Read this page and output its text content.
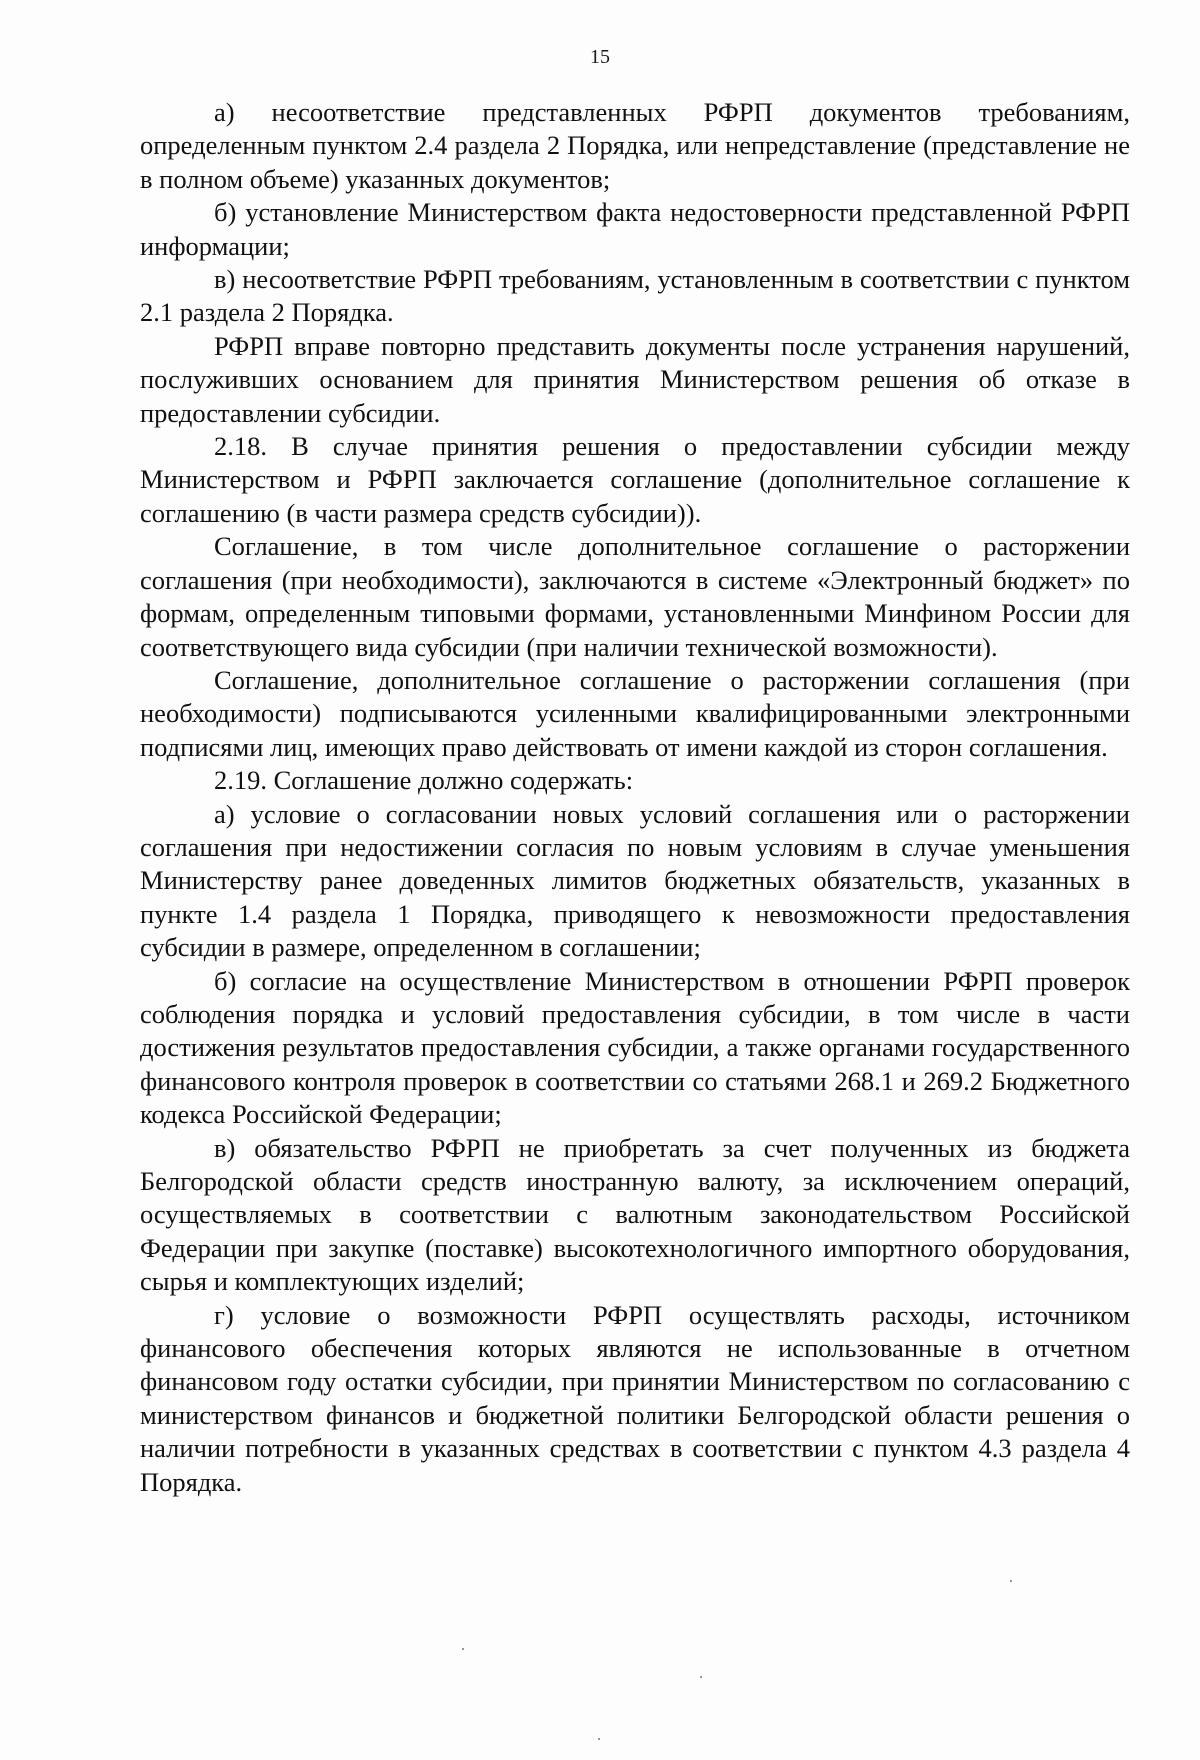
15

а) несоответствие представленных РФРП документов требованиям, определенным пунктом 2.4 раздела 2 Порядка, или непредставление (представление не в полном объеме) указанных документов;

б) установление Министерством факта недостоверности представленной РФРП информации;

в) несоответствие РФРП требованиям, установленным в соответствии с пунктом 2.1 раздела 2 Порядка.

РФРП вправе повторно представить документы после устранения нарушений, послуживших основанием для принятия Министерством решения об отказе в предоставлении субсидии.

2.18. В случае принятия решения о предоставлении субсидии между Министерством и РФРП заключается соглашение (дополнительное соглашение к соглашению (в части размера средств субсидии)).

Соглашение, в том числе дополнительное соглашение о расторжении соглашения (при необходимости), заключаются в системе «Электронный бюджет» по формам, определенным типовыми формами, установленными Минфином России для соответствующего вида субсидии (при наличии технической возможности).

Соглашение, дополнительное соглашение о расторжении соглашения (при необходимости) подписываются усиленными квалифицированными электронными подписями лиц, имеющих право действовать от имени каждой из сторон соглашения.

2.19. Соглашение должно содержать:

а) условие о согласовании новых условий соглашения или о расторжении соглашения при недостижении согласия по новым условиям в случае уменьшения Министерству ранее доведенных лимитов бюджетных обязательств, указанных в пункте 1.4 раздела 1 Порядка, приводящего к невозможности предоставления субсидии в размере, определенном в соглашении;

б) согласие на осуществление Министерством в отношении РФРП проверок соблюдения порядка и условий предоставления субсидии, в том числе в части достижения результатов предоставления субсидии, а также органами государственного финансового контроля проверок в соответствии со статьями 268.1 и 269.2 Бюджетного кодекса Российской Федерации;

в) обязательство РФРП не приобретать за счет полученных из бюджета Белгородской области средств иностранную валюту, за исключением операций, осуществляемых в соответствии с валютным законодательством Российской Федерации при закупке (поставке) высокотехнологичного импортного оборудования, сырья и комплектующих изделий;

г) условие о возможности РФРП осуществлять расходы, источником финансового обеспечения которых являются не использованные в отчетном финансовом году остатки субсидии, при принятии Министерством по согласованию с министерством финансов и бюджетной политики Белгородской области решения о наличии потребности в указанных средствах в соответствии с пунктом 4.3 раздела 4 Порядка.
